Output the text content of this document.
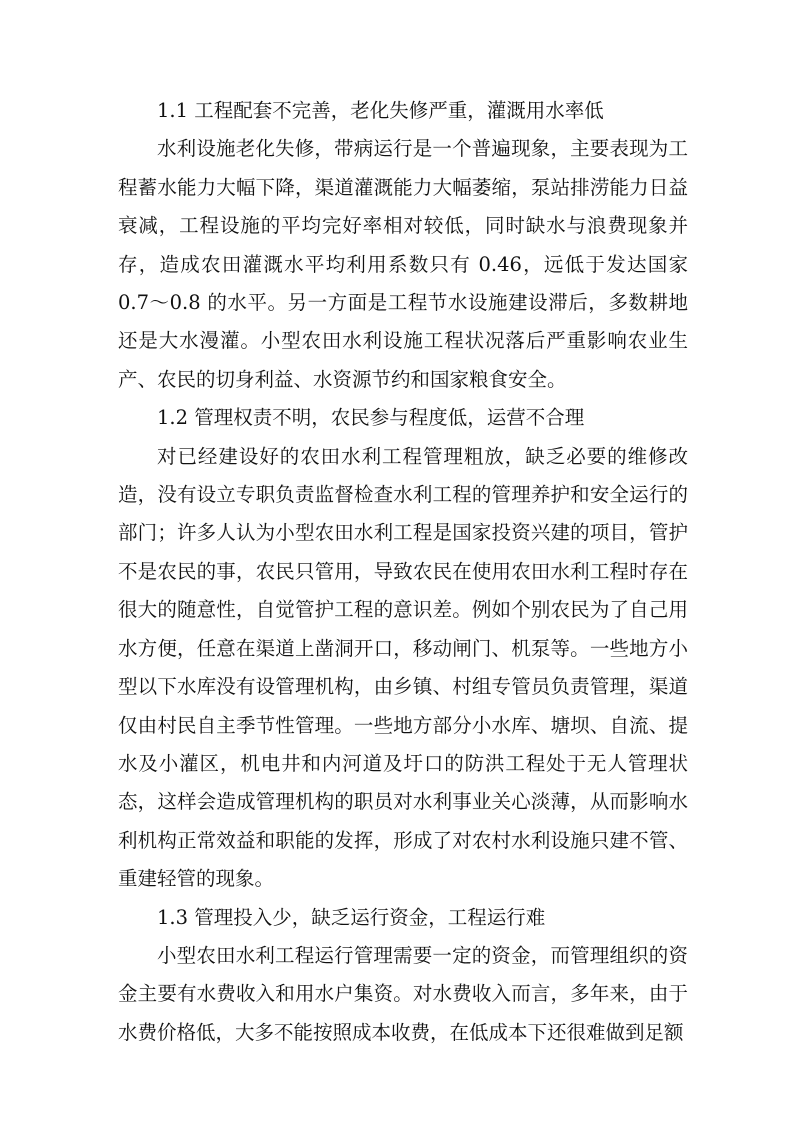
1.1 工程配套不完善，老化失修严重，灌溉用水率低

水利设施老化失修，带病运行是一个普遍现象，主要表现为工程蓄水能力大幅下降，渠道灌溉能力大幅萎缩，泵站排涝能力日益衰减，工程设施的平均完好率相对较低，同时缺水与浪费现象并存，造成农田灌溉水平均利用系数只有 0.46，远低于发达国家 0.7～0.8 的水平。另一方面是工程节水设施建设滞后，多数耕地还是大水漫灌。小型农田水利设施工程状况落后严重影响农业生产、农民的切身利益、水资源节约和国家粮食安全。

1.2 管理权责不明，农民参与程度低，运营不合理

对已经建设好的农田水利工程管理粗放，缺乏必要的维修改造，没有设立专职负责监督检查水利工程的管理养护和安全运行的部门；许多人认为小型农田水利工程是国家投资兴建的项目，管护不是农民的事，农民只管用，导致农民在使用农田水利工程时存在很大的随意性，自觉管护工程的意识差。例如个别农民为了自己用水方便，任意在渠道上凿洞开口，移动闸门、机泵等。一些地方小型以下水库没有设管理机构，由乡镇、村组专管员负责管理，渠道仅由村民自主季节性管理。一些地方部分小水库、塘坝、自流、提水及小灌区，机电井和内河道及圩口的防洪工程处于无人管理状态，这样会造成管理机构的职员对水利事业关心淡薄，从而影响水利机构正常效益和职能的发挥，形成了对农村水利设施只建不管、重建轻管的现象。

1.3 管理投入少，缺乏运行资金，工程运行难

小型农田水利工程运行管理需要一定的资金，而管理组织的资金主要有水费收入和用水户集资。对水费收入而言，多年来，由于水费价格低，大多不能按照成本收费，在低成本下还很难做到足额
